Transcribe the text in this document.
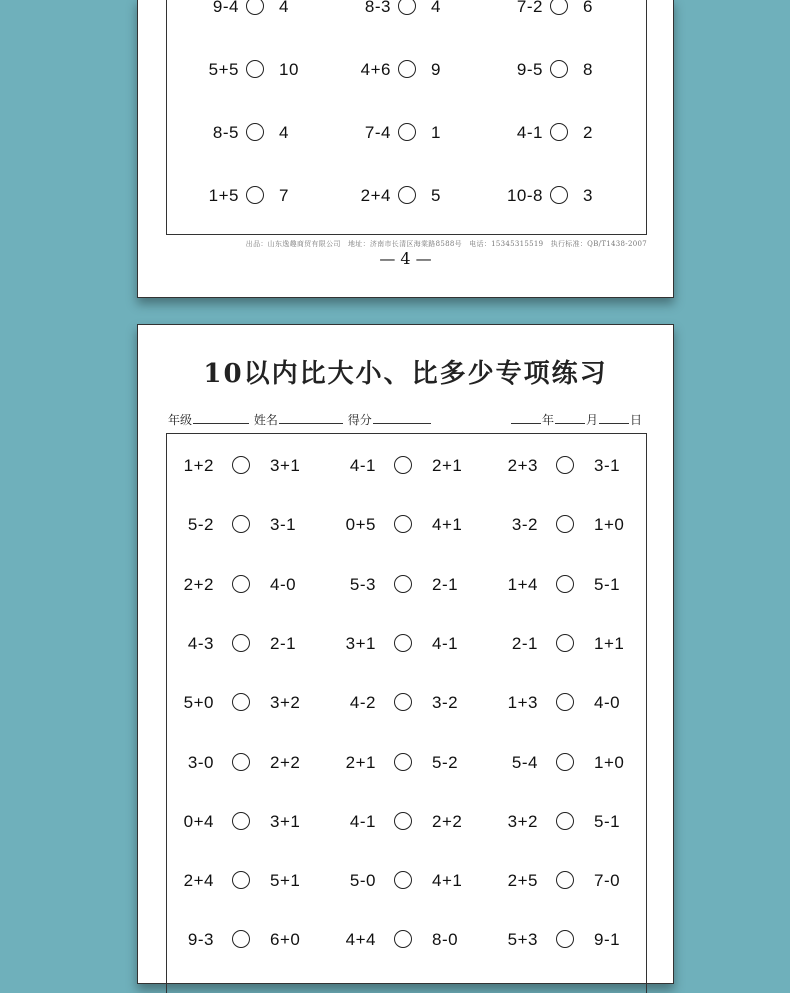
9-4 4	8-3 4	7-2 6
5+5 10	4+6 9	9-5 8
8-5 4	7-4 1	4-1 2
1+5 7	2+4 5	10-8 3
出品：山东逸趣商贸有限公司　地址：济南市长清区海棠路8588号　电话：15345315519　执行标准：QB/T1438-2007
— 4 —
10以内比大小、比多少专项练习
年级	姓名	得分	年	月	日
1+2	3+1	4-1	2+1	2+3	3-1
5-2	3-1	0+5	4+1	3-2	1+0
2+2	4-0	5-3	2-1	1+4	5-1
4-3	2-1	3+1	4-1	2-1	1+1
5+0	3+2	4-2	3-2	1+3	4-0
3-0	2+2	2+1	5-2	5-4	1+0
0+4	3+1	4-1	2+2	3+2	5-1
2+4	5+1	5-0	4+1	2+5	7-0
9-3	6+0	4+4	8-0	5+3	9-1
